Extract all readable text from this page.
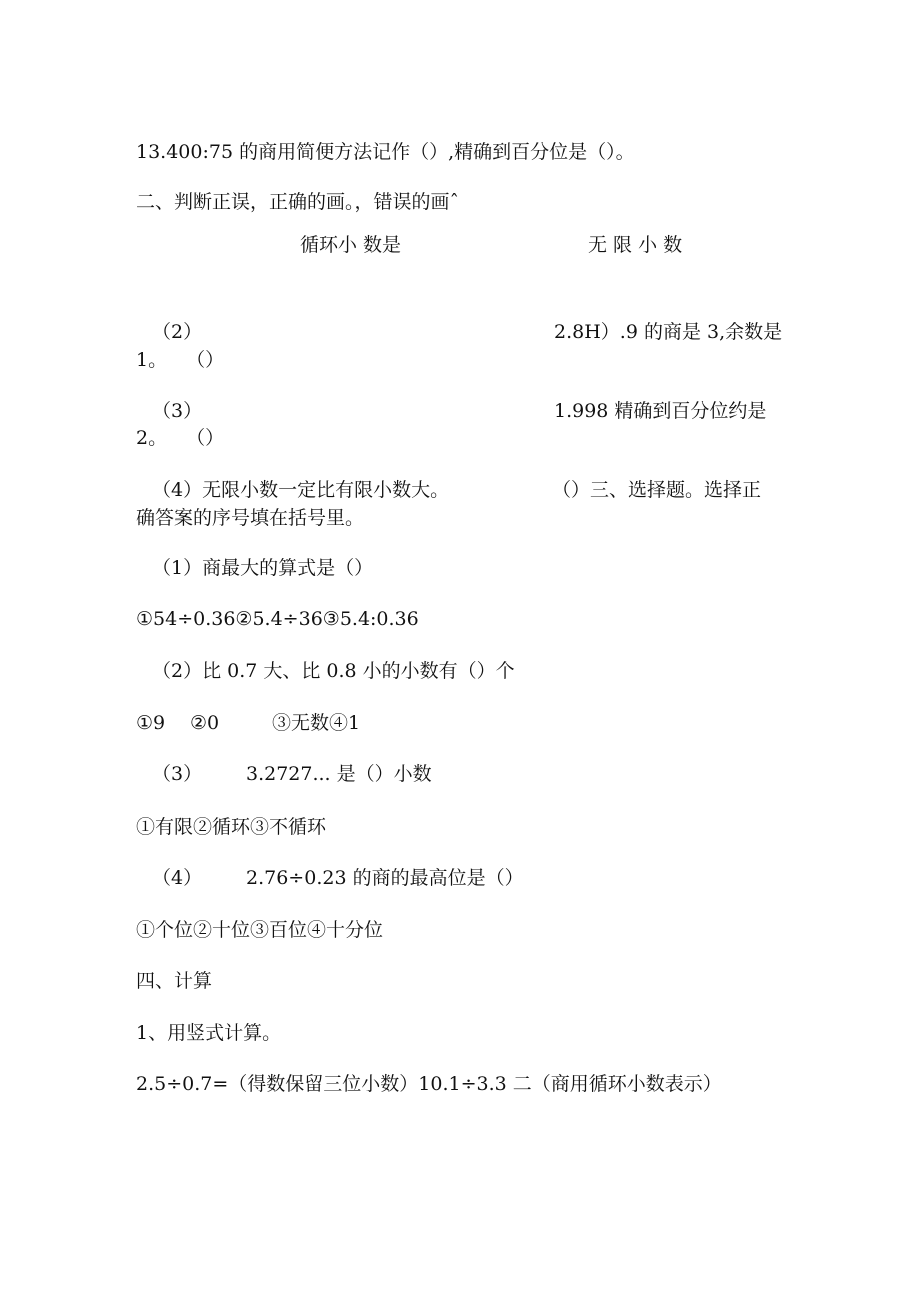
13.400:75 的商用简便方法记作（）,精确到百分位是（）。
二、判断正误，正确的画。，错误的画ˆ
循环小 数是	无 限 小 数
（2）	2.8H）.9 的商是 3,余数是
1。　　（）
（3）	1.998 精确到百分位约是
2。　　（）
（4）无限小数一定比有限小数大。	（）三、选择题。选择正
确答案的序号填在括号里。
（1）商最大的算式是（）
①54÷0.36②5.4÷36③5.4:0.36
（2）比 0.7 大、比 0.8 小的小数有（）个
①9 ②0	③无数④1
（3） 3.2727... 是（）小数
①有限②循环③不循环
（4） 2.76÷0.23 的商的最高位是（）
①个位②十位③百位④十分位
四、计算
1、用竖式计算。
2.5÷0.7=（得数保留三位小数）10.1÷3.3 二（商用循环小数表示）
